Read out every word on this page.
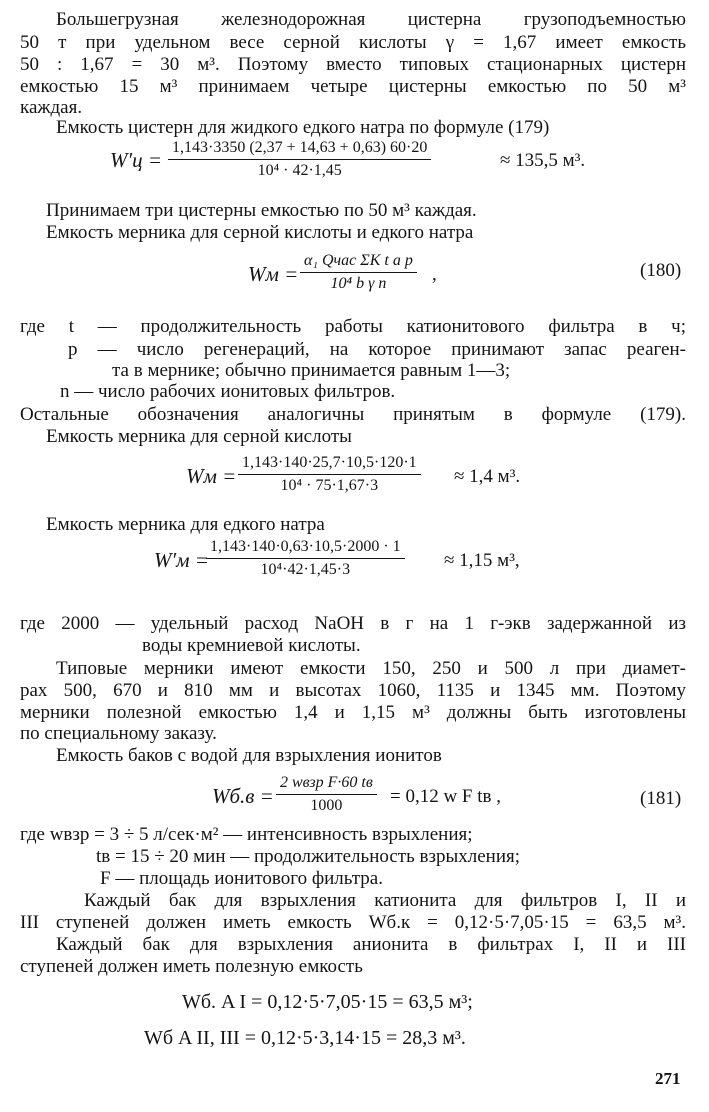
Большегрузная железнодорожная цистерна грузоподъемностью
50 т при удельном весе серной кислоты γ = 1,67 имеет емкость
50 : 1,67 = 30 м³. Поэтому вместо типовых стационарных цистерн
емкостью 15 м³ принимаем четыре цистерны емкостью по 50 м³
каждая.
Емкость цистерн для жидкого едкого натра по формуле (179)
W′ц =
1,143·3350 (2,37 + 14,63 + 0,63) 60·20
10⁴ · 42·1,45	≈ 135,5 м³.
Принимаем три цистерны емкостью по 50 м³ каждая.
Емкость мерника для серной кислоты и едкого натра
Wм =
α₁ Qчас ΣK t a p
10⁴ b γ n	,	(180)
где t — продолжительность работы катионитового фильтра в ч;
p — число регенераций, на которое принимают запас реаген-
та в мернике; обычно принимается равным 1—3;
n — число рабочих ионитовых фильтров.
Остальные обозначения аналогичны принятым в формуле (179).
Емкость мерника для серной кислоты
Wм =
1,143·140·25,7·10,5·120·1
10⁴ · 75·1,67·3	≈ 1,4 м³.
Емкость мерника для едкого натра
W′м =
1,143·140·0,63·10,5·2000 · 1
10⁴·42·1,45·3	≈ 1,15 м³,
где 2000 — удельный расход NaOH в г на 1 г-экв задержанной из
воды кремниевой кислоты.
Типовые мерники имеют емкости 150, 250 и 500 л при диамет-
рах 500, 670 и 810 мм и высотах 1060, 1135 и 1345 мм. Поэтому
мерники полезной емкостью 1,4 и 1,15 м³ должны быть изготовлены
по специальному заказу.
Емкость баков с водой для взрыхления ионитов
Wб.в =
2 wвзр F·60 tв
1000	= 0,12 w F tв ,	(181)
где wвзр = 3 ÷ 5 л/сек·м² — интенсивность взрыхления;
tв = 15 ÷ 20 мин — продолжительность взрыхления;
F — площадь ионитового фильтра.
Каждый бак для взрыхления катионита для фильтров I, II и
III ступеней должен иметь емкость Wб.к = 0,12·5·7,05·15 = 63,5 м³.
Каждый бак для взрыхления анионита в фильтрах I, II и III
ступеней должен иметь полезную емкость
Wб. A I = 0,12·5·7,05·15 = 63,5 м³;
Wб A II, III = 0,12·5·3,14·15 = 28,3 м³.
271
